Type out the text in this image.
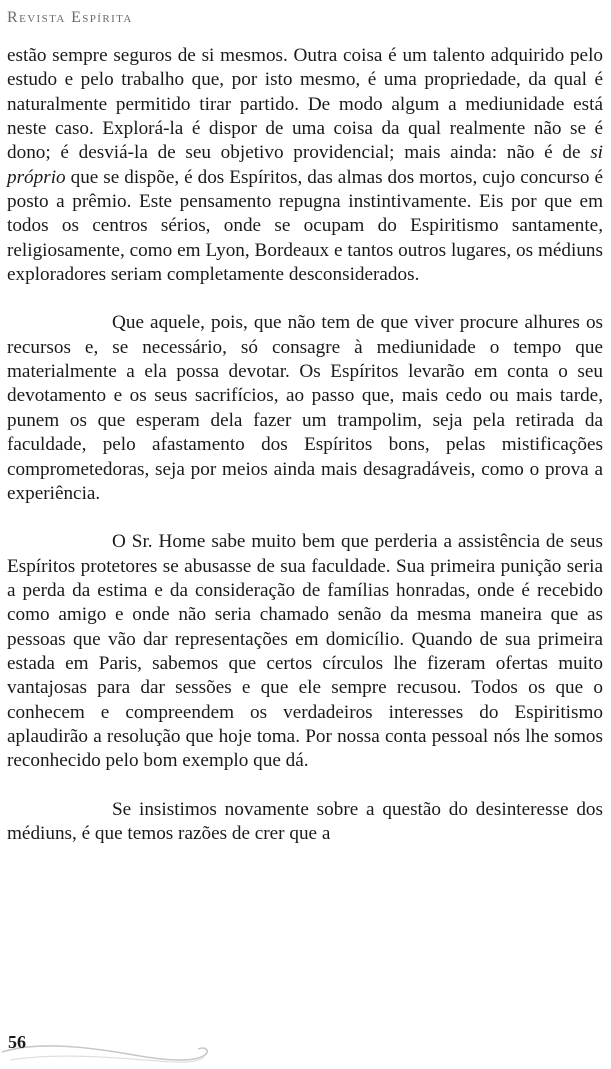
Revista Espírita

estão sempre seguros de si mesmos. Outra coisa é um talento adquirido pelo estudo e pelo trabalho que, por isto mesmo, é uma propriedade, da qual é naturalmente permitido tirar partido. De modo algum a mediunidade está neste caso. Explorá-la é dispor de uma coisa da qual realmente não se é dono; é desviá-la de seu objetivo providencial; mais ainda: não é de si próprio que se dispõe, é dos Espíritos, das almas dos mortos, cujo concurso é posto a prêmio. Este pensamento repugna instintivamente. Eis por que em todos os centros sérios, onde se ocupam do Espiritismo santamente, religiosamente, como em Lyon, Bordeaux e tantos outros lugares, os médiuns exploradores seriam completamente desconsiderados.

Que aquele, pois, que não tem de que viver procure alhures os recursos e, se necessário, só consagre à mediunidade o tempo que materialmente a ela possa devotar. Os Espíritos levarão em conta o seu devotamento e os seus sacrifícios, ao passo que, mais cedo ou mais tarde, punem os que esperam dela fazer um trampolim, seja pela retirada da faculdade, pelo afastamento dos Espíritos bons, pelas mistificações comprometedoras, seja por meios ainda mais desagradáveis, como o prova a experiência.

O Sr. Home sabe muito bem que perderia a assistência de seus Espíritos protetores se abusasse de sua faculdade. Sua primeira punição seria a perda da estima e da consideração de famílias honradas, onde é recebido como amigo e onde não seria chamado senão da mesma maneira que as pessoas que vão dar representações em domicílio. Quando de sua primeira estada em Paris, sabemos que certos círculos lhe fizeram ofertas muito vantajosas para dar sessões e que ele sempre recusou. Todos os que o conhecem e compreendem os verdadeiros interesses do Espiritismo aplaudirão a resolução que hoje toma. Por nossa conta pessoal nós lhe somos reconhecido pelo bom exemplo que dá.

Se insistimos novamente sobre a questão do desinteresse dos médiuns, é que temos razões de crer que a

56
